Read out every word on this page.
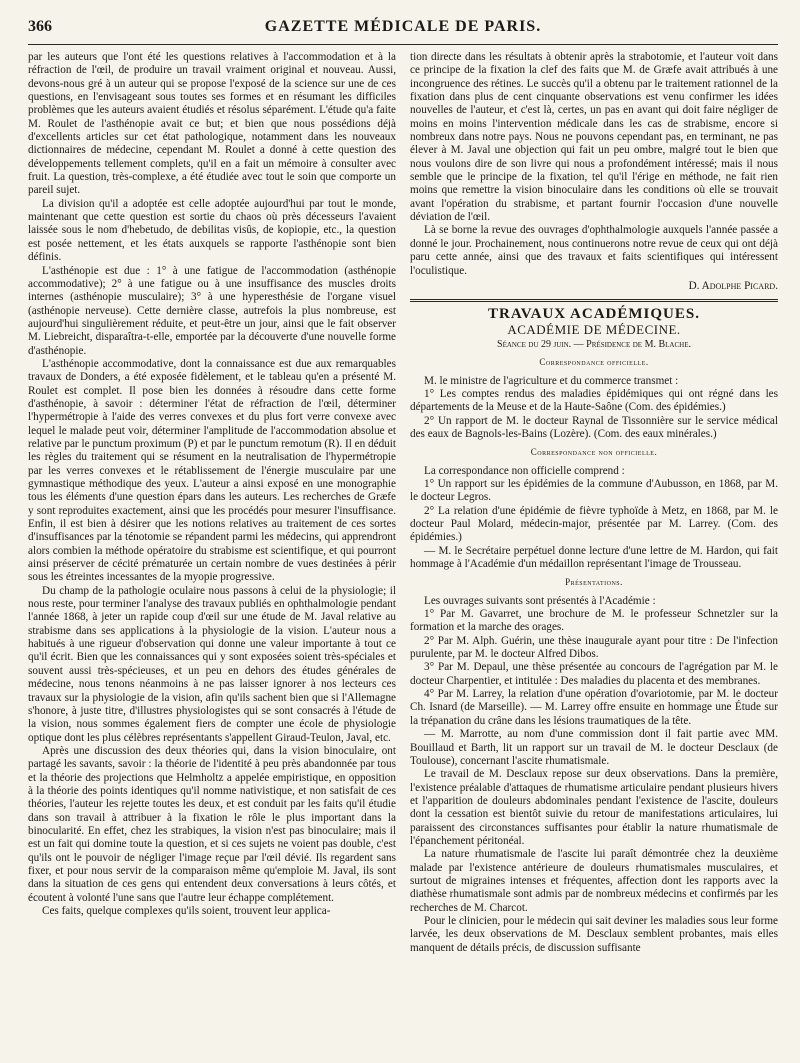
366	GAZETTE MÉDICALE DE PARIS.

par les auteurs que l'ont été les questions relatives à l'accommodation et à la réfraction de l'œil, de produire un travail vraiment original et nouveau. Aussi, devons-nous gré à un auteur qui se propose l'exposé de la science sur une de ces questions, en l'envisageant sous toutes ses formes et en résumant les difficiles problèmes que les auteurs avaient étudiés et résolus séparément. L'étude qu'a faite M. Roulet de l'asthénopie avait ce but; et bien que nous possédions déjà d'excellents articles sur cet état pathologique, notamment dans les nouveaux dictionnaires de médecine, cependant M. Roulet a donné à cette question des développements tellement complets, qu'il en a fait un mémoire à consulter avec fruit. La question, très-complexe, a été étudiée avec tout le soin que comporte un pareil sujet.

La division qu'il a adoptée est celle adoptée aujourd'hui par tout le monde, maintenant que cette question est sortie du chaos où près décesseurs l'avaient laissée sous le nom d'hebetudo, de debilitas visûs, de kopiopie, etc., la question est posée nettement, et les états auxquels se rapporte l'asthénopie sont bien définis.

L'asthénopie est due : 1° à une fatigue de l'accommodation (asthénopie accommodative); 2° à une fatigue ou à une insuffisance des muscles droits internes (asthénopie musculaire); 3° à une hyperesthésie de l'organe visuel (asthénopie nerveuse). Cette dernière classe, autrefois la plus nombreuse, est aujourd'hui singulièrement réduite, et peut-être un jour, ainsi que le fait observer M. Liebreicht, disparaîtra-t-elle, emportée par la découverte d'une nouvelle forme d'asthénopie.

L'asthénopie accommodative, dont la connaissance est due aux remarquables travaux de Donders, a été exposée fidèlement, et le tableau qu'en a présenté M. Roulet est complet. Il pose bien les données à résoudre dans cette forme d'asthénopie, à savoir : déterminer l'état de réfraction de l'œil, déterminer l'hypermétropie à l'aide des verres convexes et du plus fort verre convexe avec lequel le malade peut voir, déterminer l'amplitude de l'accommodation absolue et relative par le punctum proximum (P) et par le punctum remotum (R). Il en déduit les règles du traitement qui se résument en la neutralisation de l'hypermétropie par les verres convexes et le rétablissement de l'énergie musculaire par une gymnastique méthodique des yeux. L'auteur a ainsi exposé en une monographie tous les éléments d'une question épars dans les auteurs. Les recherches de Græfe y sont reproduites exactement, ainsi que les procédés pour mesurer l'insuffisance. Enfin, il est bien à désirer que les notions relatives au traitement de ces sortes d'insuffisances par la ténotomie se répandent parmi les médecins, qui apprendront alors combien la méthode opératoire du strabisme est scientifique, et qui pourront ainsi préserver de cécité prématurée un certain nombre de vues destinées à périr sous les étreintes incessantes de la myopie progressive.

Du champ de la pathologie oculaire nous passons à celui de la physiologie; il nous reste, pour terminer l'analyse des travaux publiés en ophthalmologie pendant l'année 1868, à jeter un rapide coup d'œil sur une étude de M. Javal relative au strabisme dans ses applications à la physiologie de la vision. L'auteur nous a habitués à une rigueur d'observation qui donne une valeur importante à tout ce qu'il écrit. Bien que les connaissances qui y sont exposées soient très-spéciales et souvent aussi très-spécieuses, et un peu en dehors des études générales de médecine, nous tenons néanmoins à ne pas laisser ignorer à nos lecteurs ces travaux sur la physiologie de la vision, afin qu'ils sachent bien que si l'Allemagne s'honore, à juste titre, d'illustres physiologistes qui se sont consacrés à l'étude de la vision, nous sommes également fiers de compter une école de physiologie optique dont les plus célèbres représentants s'appellent Giraud-Teulon, Javal, etc.

Après une discussion des deux théories qui, dans la vision binoculaire, ont partagé les savants, savoir : la théorie de l'identité à peu près abandonnée par tous et la théorie des projections que Helmholtz a appelée empiristique, en opposition à la théorie des points identiques qu'il nomme nativistique, et non satisfait de ces théories, l'auteur les rejette toutes les deux, et est conduit par les faits qu'il étudie dans son travail à attribuer à la fixation le rôle le plus important dans la binocularité. En effet, chez les strabiques, la vision n'est pas binoculaire; mais il est un fait qui domine toute la question, et si ces sujets ne voient pas double, c'est qu'ils ont le pouvoir de négliger l'image reçue par l'œil dévié. Ils regardent sans fixer, et pour nous servir de la comparaison même qu'emploie M. Javal, ils sont dans la situation de ces gens qui entendent deux conversations à leurs côtés, et écoutent à volonté l'une sans que l'autre leur échappe complétement.

Ces faits, quelque complexes qu'ils soient, trouvent leur applica-

tion directe dans les résultats à obtenir après la strabotomie, et l'auteur voit dans ce principe de la fixation la clef des faits que M. de Græfe avait attribués à une incongruence des rétines. Le succès qu'il a obtenu par le traitement rationnel de la fixation dans plus de cent cinquante observations est venu confirmer les idées nouvelles de l'auteur, et c'est là, certes, un pas en avant qui doit faire négliger de moins en moins l'intervention médicale dans les cas de strabisme, encore si nombreux dans notre pays. Nous ne pouvons cependant pas, en terminant, ne pas élever à M. Javal une objection qui fait un peu ombre, malgré tout le bien que nous voulons dire de son livre qui nous a profondément intéressé; mais il nous semble que le principe de la fixation, tel qu'il l'érige en méthode, ne fait rien moins que remettre la vision binoculaire dans les conditions où elle se trouvait avant l'opération du strabisme, et partant fournir l'occasion d'une nouvelle déviation de l'œil.

Là se borne la revue des ouvrages d'ophthalmologie auxquels l'année passée a donné le jour. Prochainement, nous continuerons notre revue de ceux qui ont déjà paru cette année, ainsi que des travaux et faits scientifiques qui intéressent l'oculistique.

D. Adolphe Picard.
TRAVAUX ACADÉMIQUES.
ACADÉMIE DE MÉDECINE.
Séance du 29 juin. — Présidence de M. Blache.
Correspondance officielle.

M. le ministre de l'agriculture et du commerce transmet :

1° Les comptes rendus des maladies épidémiques qui ont régné dans les départements de la Meuse et de la Haute-Saône (Com. des épidémies.)

2° Un rapport de M. le docteur Raynal de Tissonnière sur le service médical des eaux de Bagnols-les-Bains (Lozère). (Com. des eaux minérales.)

Correspondance non officielle.

La correspondance non officielle comprend :

1° Un rapport sur les épidémies de la commune d'Aubusson, en 1868, par M. le docteur Legros.

2° La relation d'une épidémie de fièvre typhoïde à Metz, en 1868, par M. le docteur Paul Molard, médecin-major, présentée par M. Larrey. (Com. des épidémies.)

— M. le Secrétaire perpétuel donne lecture d'une lettre de M. Hardon, qui fait hommage à l'Académie d'un médaillon représentant l'image de Trousseau.

Présentations.

Les ouvrages suivants sont présentés à l'Académie :

1° Par M. Gavarret, une brochure de M. le professeur Schnetzler sur la formation et la marche des orages.

2° Par M. Alph. Guérin, une thèse inaugurale ayant pour titre : De l'infection purulente, par M. le docteur Alfred Dibos.

3° Par M. Depaul, une thèse présentée au concours de l'agrégation par M. le docteur Charpentier, et intitulée : Des maladies du placenta et des membranes.

4° Par M. Larrey, la relation d'une opération d'ovariotomie, par M. le docteur Ch. Isnard (de Marseille). — M. Larrey offre ensuite en hommage une Étude sur la trépanation du crâne dans les lésions traumatiques de la tête.

— M. Marrotte, au nom d'une commission dont il fait partie avec MM. Bouillaud et Barth, lit un rapport sur un travail de M. le docteur Desclaux (de Toulouse), concernant l'ascite rhumatismale.

Le travail de M. Desclaux repose sur deux observations. Dans la première, l'existence préalable d'attaques de rhumatisme articulaire pendant plusieurs hivers et l'apparition de douleurs abdominales pendant l'existence de l'ascite, douleurs dont la cessation est bientôt suivie du retour de manifestations articulaires, lui paraissent des circonstances suffisantes pour établir la nature rhumatismale de l'épanchement péritonéal.

La nature rhumatismale de l'ascite lui paraît démontrée chez la deuxième malade par l'existence antérieure de douleurs rhumatismales musculaires, et surtout de migraines intenses et fréquentes, affection dont les rapports avec la diathèse rhumatismale sont admis par de nombreux médecins et confirmés par les recherches de M. Charcot.

Pour le clinicien, pour le médecin qui sait deviner les maladies sous leur forme larvée, les deux observations de M. Desclaux semblent probantes, mais elles manquent de détails précis, de discussion suffisante
